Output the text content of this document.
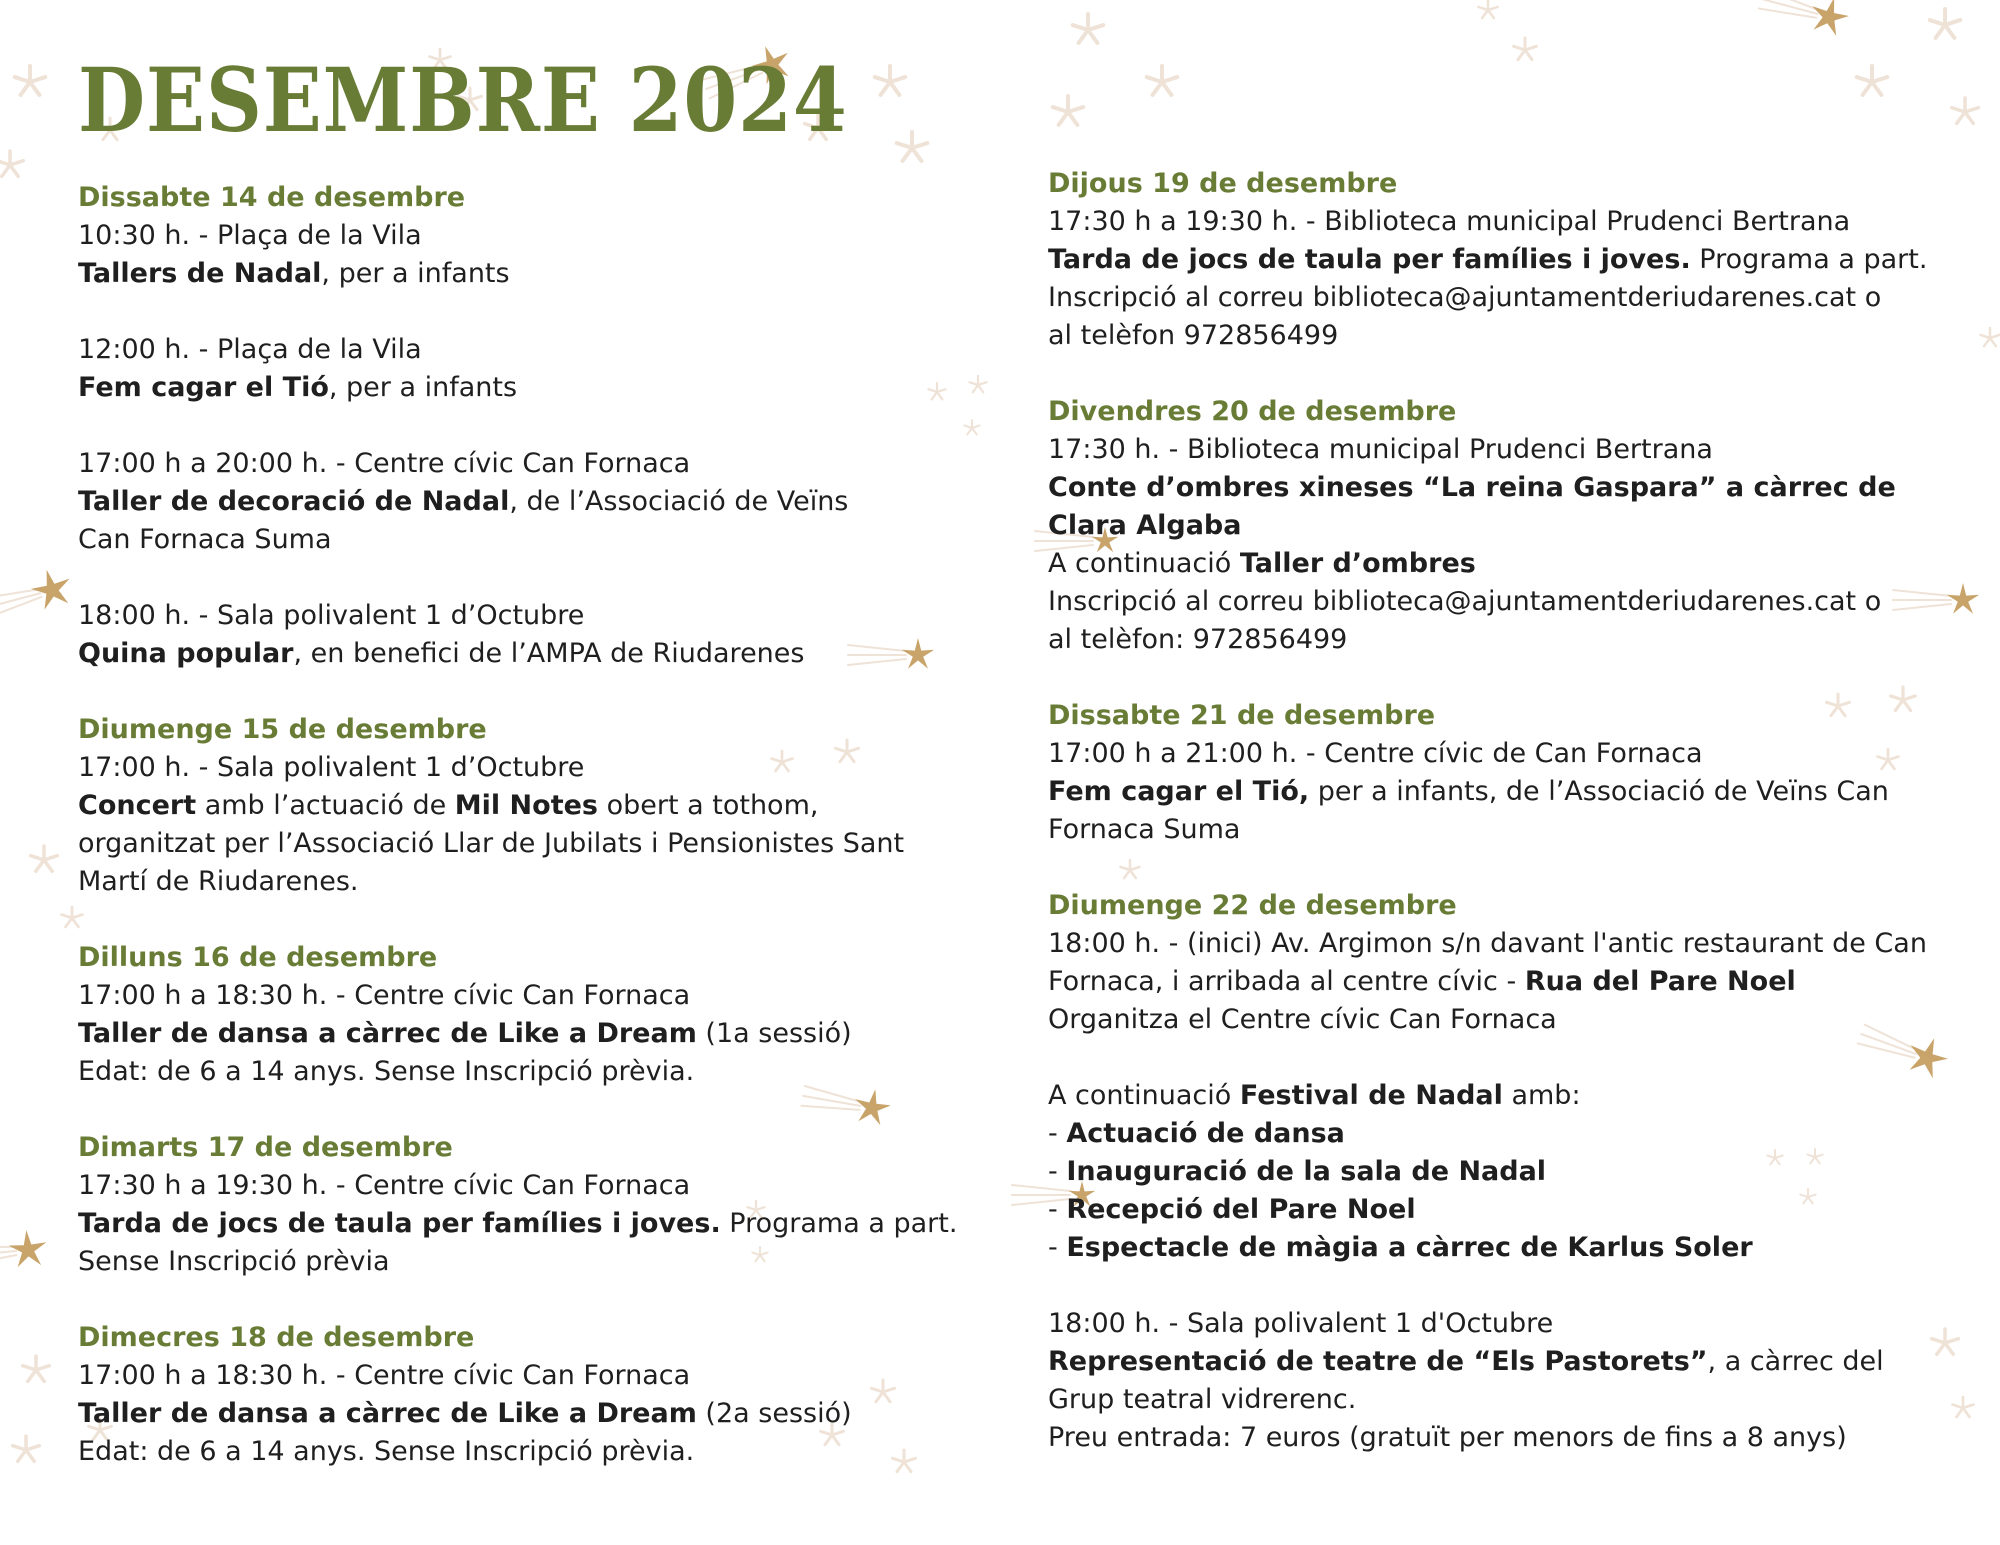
DESEMBRE 2024
Dissabte 14 de desembre
10:30 h. - Plaça de la Vila
Tallers de Nadal, per a infants
12:00 h. - Plaça de la Vila
Fem cagar el Tió, per a infants
17:00 h a 20:00 h. - Centre cívic Can Fornaca
Taller de decoració de Nadal, de l’Associació de Veïns Can Fornaca Suma
18:00 h. - Sala polivalent 1 d’Octubre
Quina popular, en benefici de l’AMPA de Riudarenes
Diumenge 15 de desembre
17:00 h. - Sala polivalent 1 d’Octubre
Concert amb l’actuació de Mil Notes obert a tothom, organitzat per l’Associació Llar de Jubilats i Pensionistes Sant Martí de Riudarenes.
Dilluns 16 de desembre
17:00 h a 18:30 h. - Centre cívic Can Fornaca
Taller de dansa a càrrec de Like a Dream (1a sessió)
Edat: de 6 a 14 anys. Sense Inscripció prèvia.
Dimarts 17 de desembre
17:30 h a 19:30 h. - Centre cívic Can Fornaca
Tarda de jocs de taula per famílies i joves. Programa a part.
Sense Inscripció prèvia
Dimecres 18 de desembre
17:00 h a 18:30 h. - Centre cívic Can Fornaca
Taller de dansa a càrrec de Like a Dream (2a sessió)
Edat: de 6 a 14 anys. Sense Inscripció prèvia.
Dijous 19 de desembre
17:30 h a 19:30 h. - Biblioteca municipal Prudenci Bertrana
Tarda de jocs de taula per famílies i joves. Programa a part.
Inscripció al correu biblioteca@ajuntamentderiudarenes.cat o al telèfon 972856499
Divendres 20 de desembre
17:30 h. - Biblioteca municipal Prudenci Bertrana
Conte d’ombres xineses “La reina Gaspara” a càrrec de Clara Algaba
A continuació Taller d’ombres
Inscripció al correu biblioteca@ajuntamentderiudarenes.cat o al telèfon: 972856499
Dissabte 21 de desembre
17:00 h a 21:00 h. - Centre cívic de Can Fornaca
Fem cagar el Tió, per a infants, de l’Associació de Veïns Can Fornaca Suma
Diumenge 22 de desembre
18:00 h. - (inici) Av. Argimon s/n davant l'antic restaurant de Can Fornaca, i arribada al centre cívic - Rua del Pare Noel
Organitza el Centre cívic Can Fornaca
A continuació Festival de Nadal amb:
- Actuació de dansa
- Inauguració de la sala de Nadal
- Recepció del Pare Noel
- Espectacle de màgia a càrrec de Karlus Soler
18:00 h. - Sala polivalent 1 d'Octubre
Representació de teatre de “Els Pastorets”, a càrrec del Grup teatral vidrerenc.
Preu entrada: 7 euros (gratuït per menors de fins a 8 anys)
